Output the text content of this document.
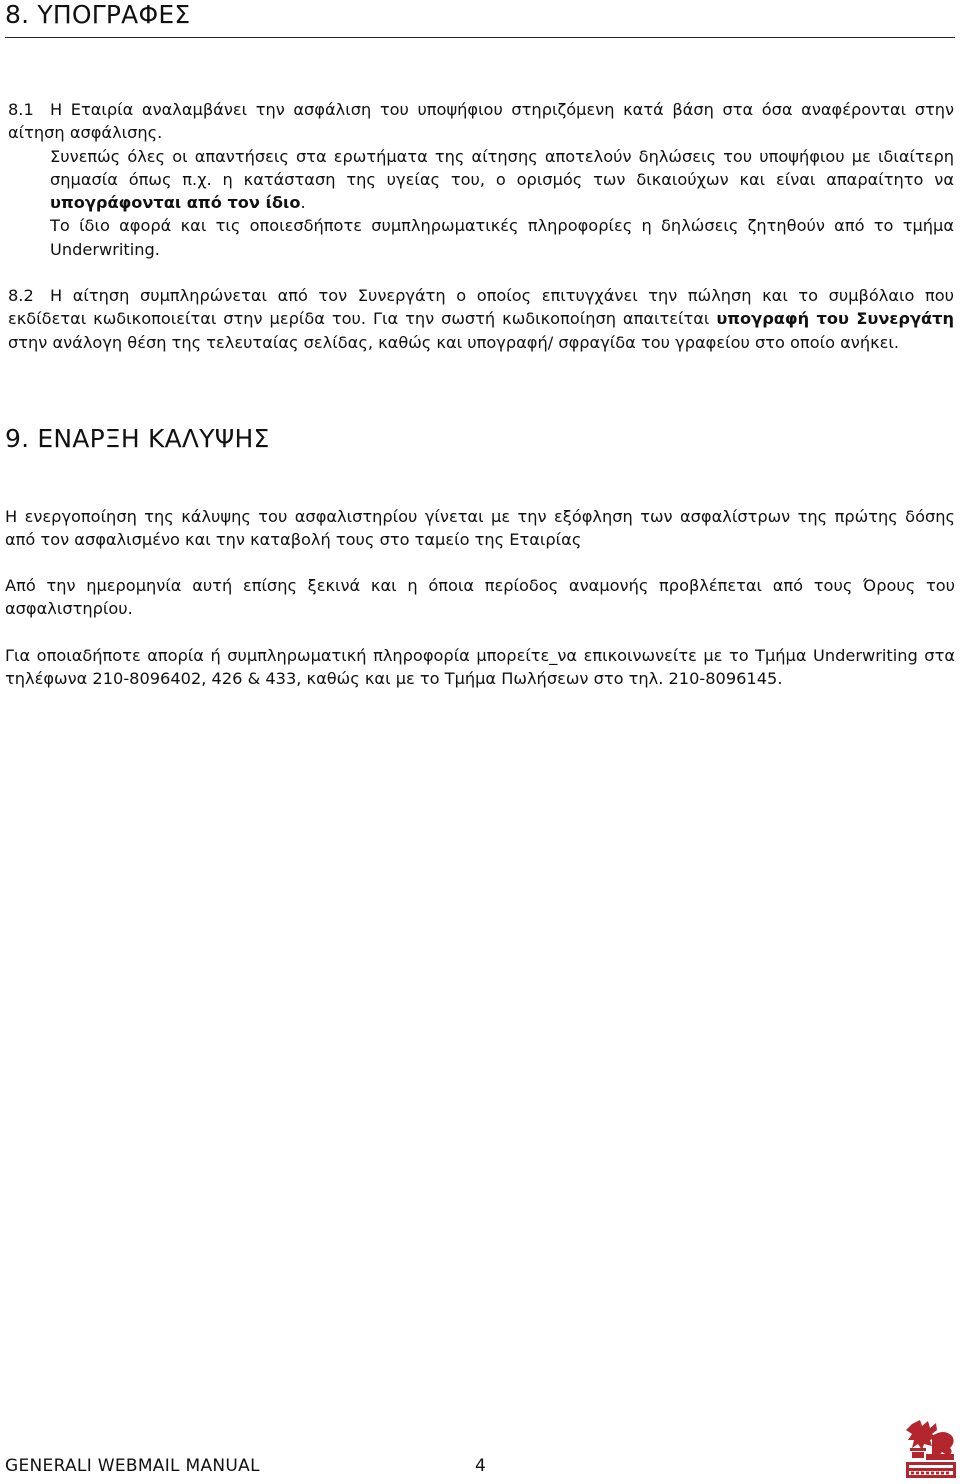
8. ΥΠΟΓΡΑΦΕΣ

8.1 Η Εταιρία αναλαμβάνει την ασφάλιση του υποψήφιου στηριζόμενη κατά βάση στα όσα αναφέρονται στην αίτηση ασφάλισης.
Συνεπώς όλες οι απαντήσεις στα ερωτήματα της αίτησης αποτελούν δηλώσεις του υποψήφιου με ιδιαίτερη σημασία όπως π.χ. η κατάσταση της υγείας του, ο ορισμός των δικαιούχων και είναι απαραίτητο να υπογράφονται από τον ίδιο.
Το ίδιο αφορά και τις οποιεσδήποτε συμπληρωματικές πληροφορίες η δηλώσεις ζητηθούν από το τμήμα Underwriting.

8.2 Η αίτηση συμπληρώνεται από τον Συνεργάτη ο οποίος επιτυγχάνει την πώληση και το συμβόλαιο που εκδίδεται κωδικοποιείται στην μερίδα του. Για την σωστή κωδικοποίηση απαιτείται υπογραφή του Συνεργάτη στην ανάλογη θέση της τελευταίας σελίδας, καθώς και υπογραφή/ σφραγίδα του γραφείου στο οποίο ανήκει.

9. ΕΝΑΡΞΗ ΚΑΛΥΨΗΣ

Η ενεργοποίηση της κάλυψης του ασφαλιστηρίου γίνεται με την εξόφληση των ασφαλίστρων της πρώτης δόσης από τον ασφαλισμένο και την καταβολή τους στο ταμείο της Εταιρίας

Από την ημερομηνία αυτή επίσης ξεκινά και η όποια περίοδος αναμονής προβλέπεται από τους Όρους του ασφαλιστηρίου.

Για οποιαδήποτε απορία ή συμπληρωματική πληροφορία μπορείτε_να επικοινωνείτε με το Τμήμα Underwriting στα τηλέφωνα 210-8096402, 426 & 433, καθώς και με το Τμήμα Πωλήσεων στο τηλ. 210-8096145.

GENERALI WEBMAIL MANUAL	4
